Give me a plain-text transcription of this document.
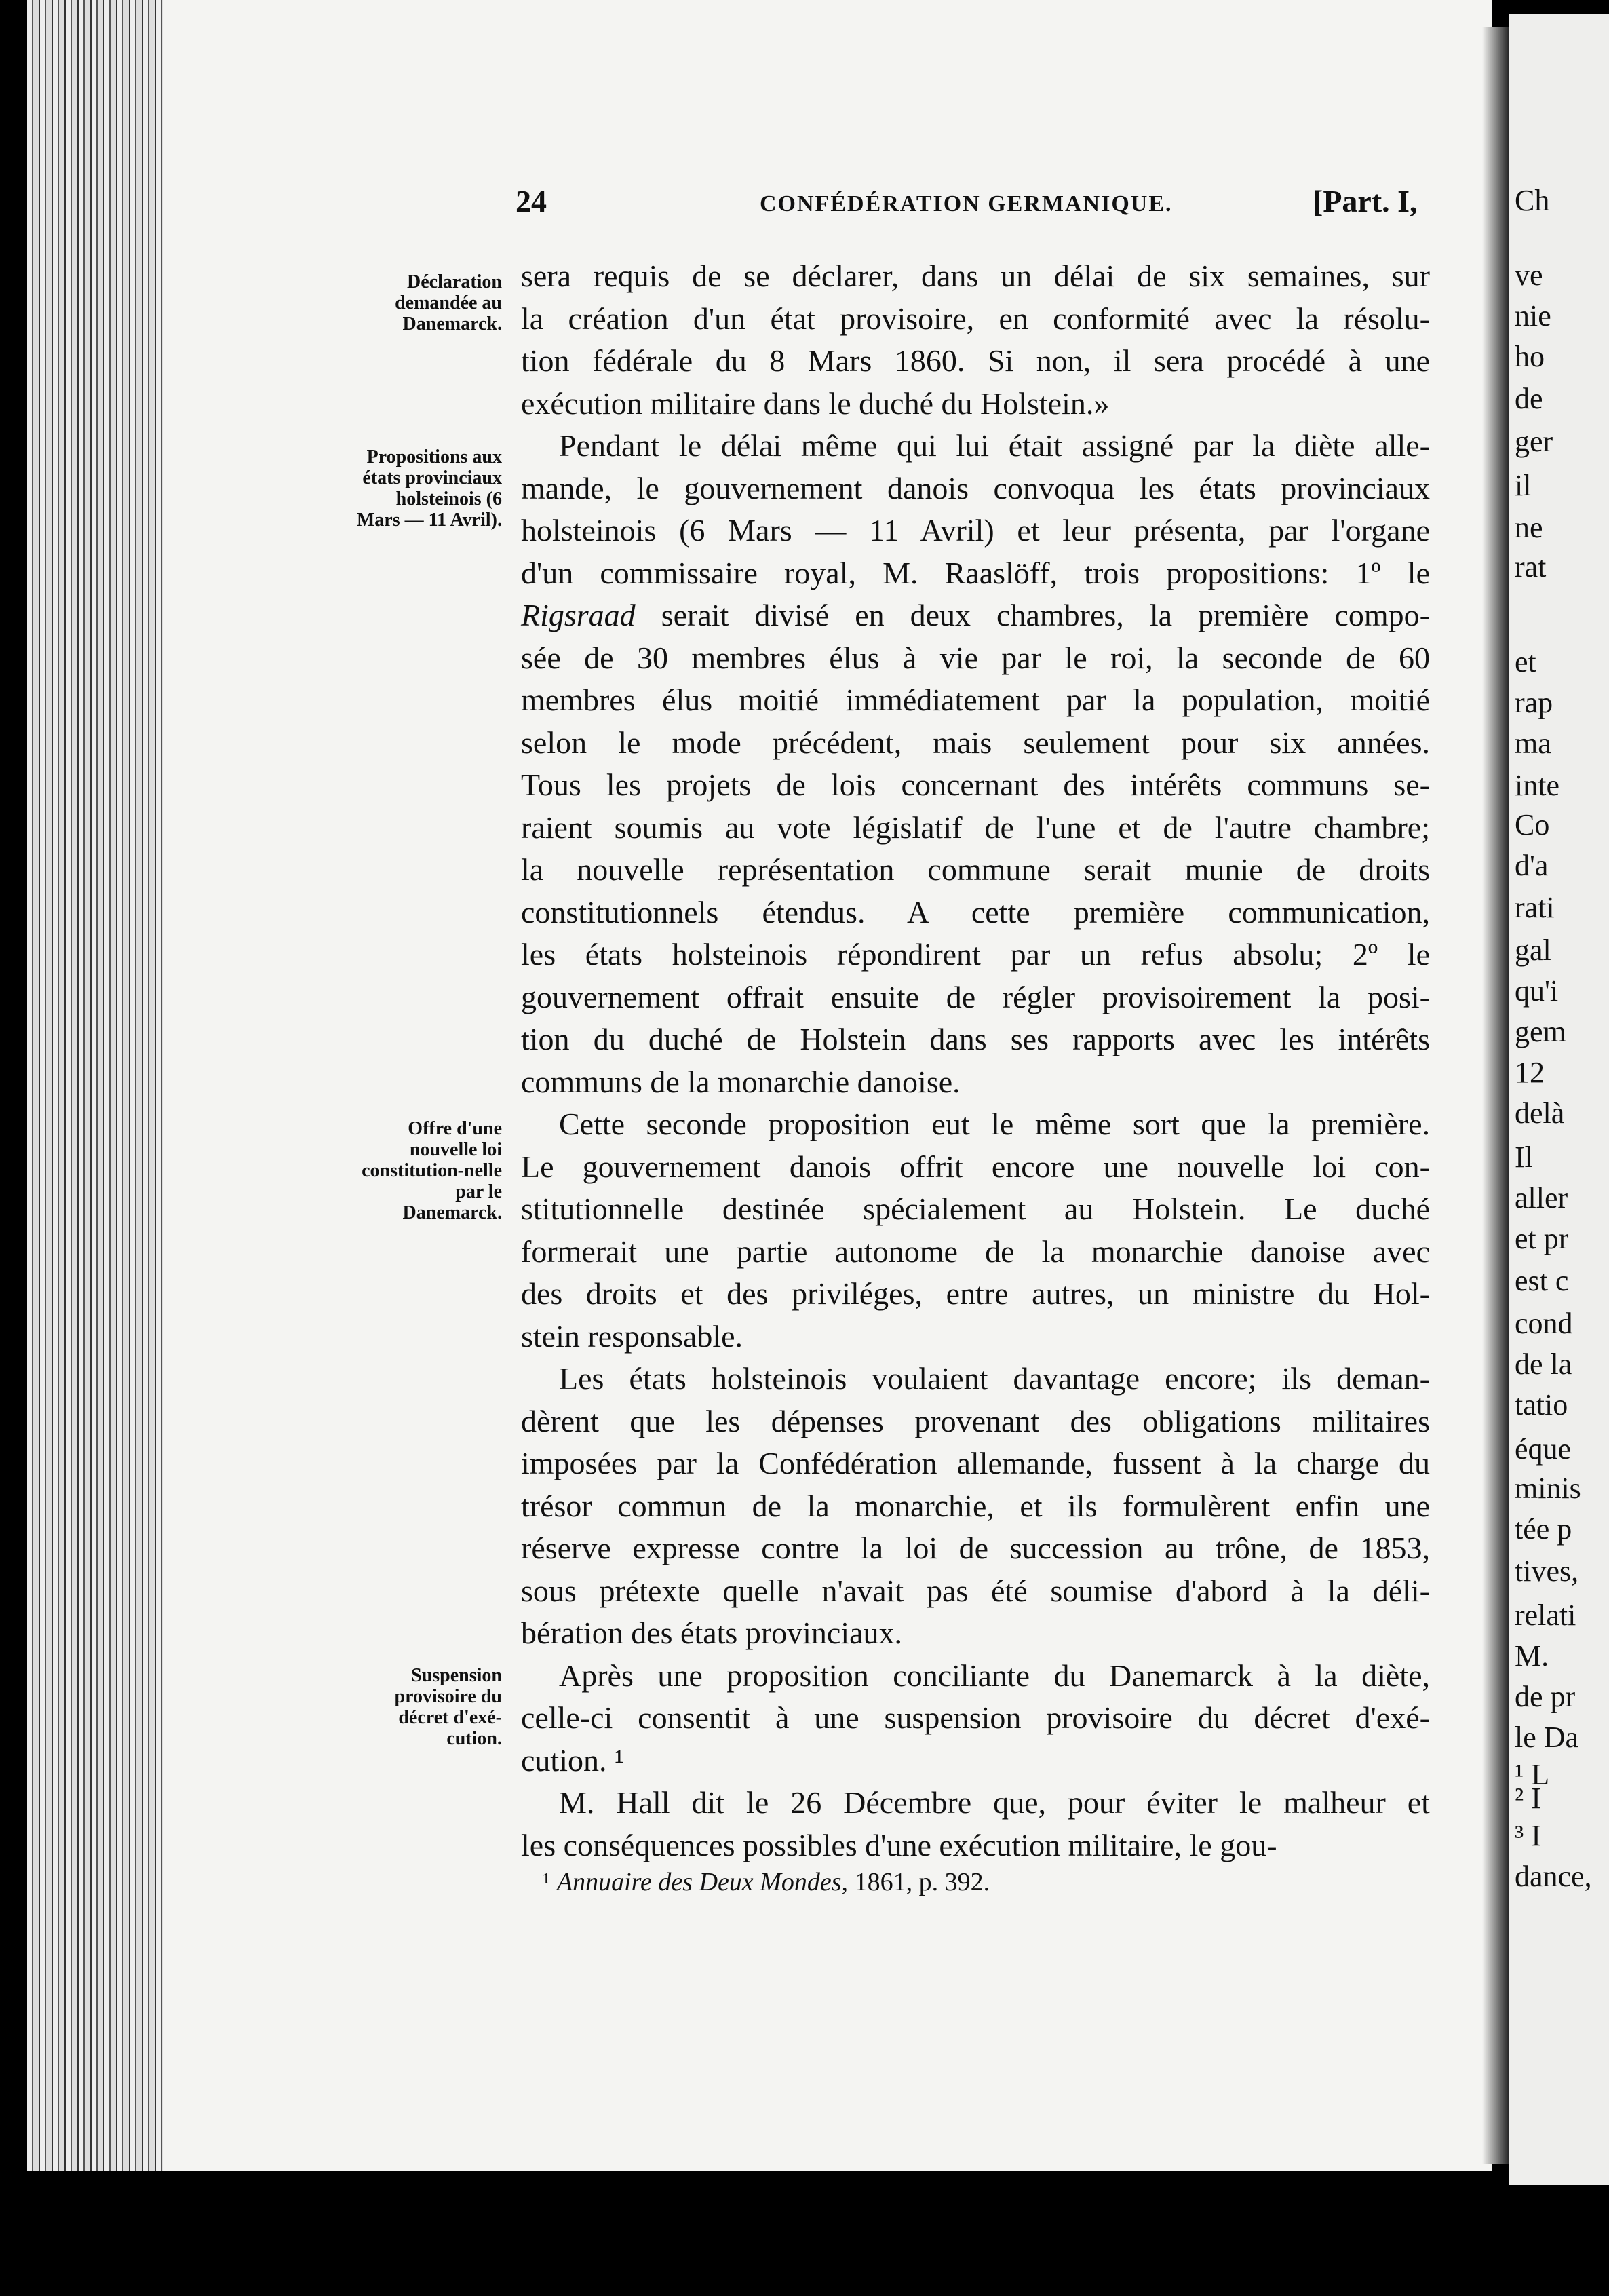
Ch
ve
nie
ho
de
ger
il
ne
rat
et
rap
ma
inte
Co
d'a
rati
gal
qu'i
gem
12
delà
Il
aller
et pr
est c
cond
de la
tatio
éque
minis
tée p
tives,
relati
M.
de pr
le Da
¹ L
² I
³ I
dance,
24	CONFÉDÉRATION GERMANIQUE.	[Part. I,
Déclaration demandée au Danemarck.
Propositions aux états provinciaux holsteinois (6 Mars — 11 Avril).
Offre d'une nouvelle loi constitution-nelle par le Danemarck.
Suspension provisoire du décret d'exé-cution.
sera requis de se déclarer, dans un délai de six semaines, sur
la création d'un état provisoire, en conformité avec la résolu-
tion fédérale du 8 Mars 1860. Si non, il sera procédé à une
exécution militaire dans le duché du Holstein.»
Pendant le délai même qui lui était assigné par la diète alle-
mande, le gouvernement danois convoqua les états provinciaux
holsteinois (6 Mars — 11 Avril) et leur présenta, par l'organe
d'un commissaire royal, M. Raaslöff, trois propositions: 1º le
Rigsraad serait divisé en deux chambres, la première compo-
sée de 30 membres élus à vie par le roi, la seconde de 60
membres élus moitié immédiatement par la population, moitié
selon le mode précédent, mais seulement pour six années.
Tous les projets de lois concernant des intérêts communs se-
raient soumis au vote législatif de l'une et de l'autre chambre;
la nouvelle représentation commune serait munie de droits
constitutionnels étendus. A cette première communication,
les états holsteinois répondirent par un refus absolu; 2º le
gouvernement offrait ensuite de régler provisoirement la posi-
tion du duché de Holstein dans ses rapports avec les intérêts
communs de la monarchie danoise.
Cette seconde proposition eut le même sort que la première.
Le gouvernement danois offrit encore une nouvelle loi con-
stitutionnelle destinée spécialement au Holstein. Le duché
formerait une partie autonome de la monarchie danoise avec
des droits et des priviléges, entre autres, un ministre du Hol-
stein responsable.
Les états holsteinois voulaient davantage encore; ils deman-
dèrent que les dépenses provenant des obligations militaires
imposées par la Confédération allemande, fussent à la charge du
trésor commun de la monarchie, et ils formulèrent enfin une
réserve expresse contre la loi de succession au trône, de 1853,
sous prétexte quelle n'avait pas été soumise d'abord à la déli-
bération des états provinciaux.
Après une proposition conciliante du Danemarck à la diète,
celle-ci consentit à une suspension provisoire du décret d'exé-
cution. ¹
M. Hall dit le 26 Décembre que, pour éviter le malheur et
les conséquences possibles d'une exécution militaire, le gou-
¹ Annuaire des Deux Mondes, 1861, p. 392.
